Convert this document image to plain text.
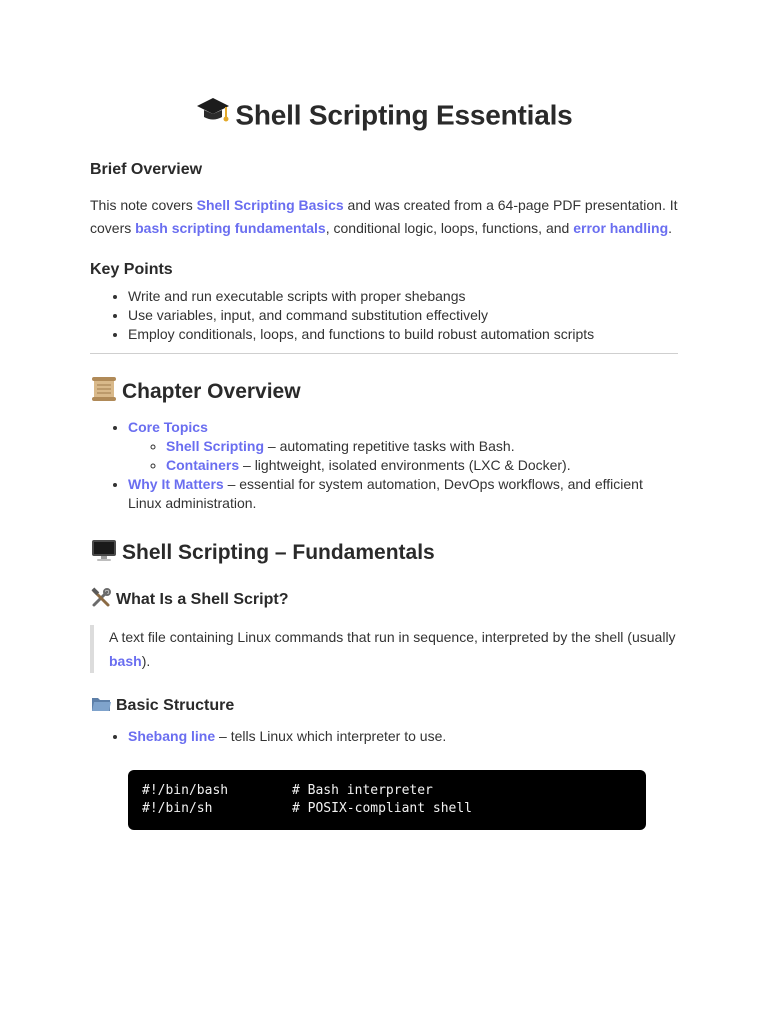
Shell Scripting Essentials
Brief Overview

This note covers Shell Scripting Basics and was created from a 64-page PDF presentation. It covers bash scripting fundamentals, conditional logic, loops, functions, and error handling.

Key Points
• Write and run executable scripts with proper shebangs
• Use variables, input, and command substitution effectively
• Employ conditionals, loops, and functions to build robust automation scripts
Chapter Overview
• Core Topics
◦ Shell Scripting – automating repetitive tasks with Bash.
◦ Containers – lightweight, isolated environments (LXC & Docker).
• Why It Matters – essential for system automation, DevOps workflows, and efficient Linux administration.
Shell Scripting – Fundamentals
What Is a Shell Script?
A text file containing Linux commands that run in sequence, interpreted by the shell (usually bash).
Basic Structure
• Shebang line – tells Linux which interpreter to use.
#!/bin/bash	# Bash interpreter
#!/bin/sh	# POSIX-compliant shell
